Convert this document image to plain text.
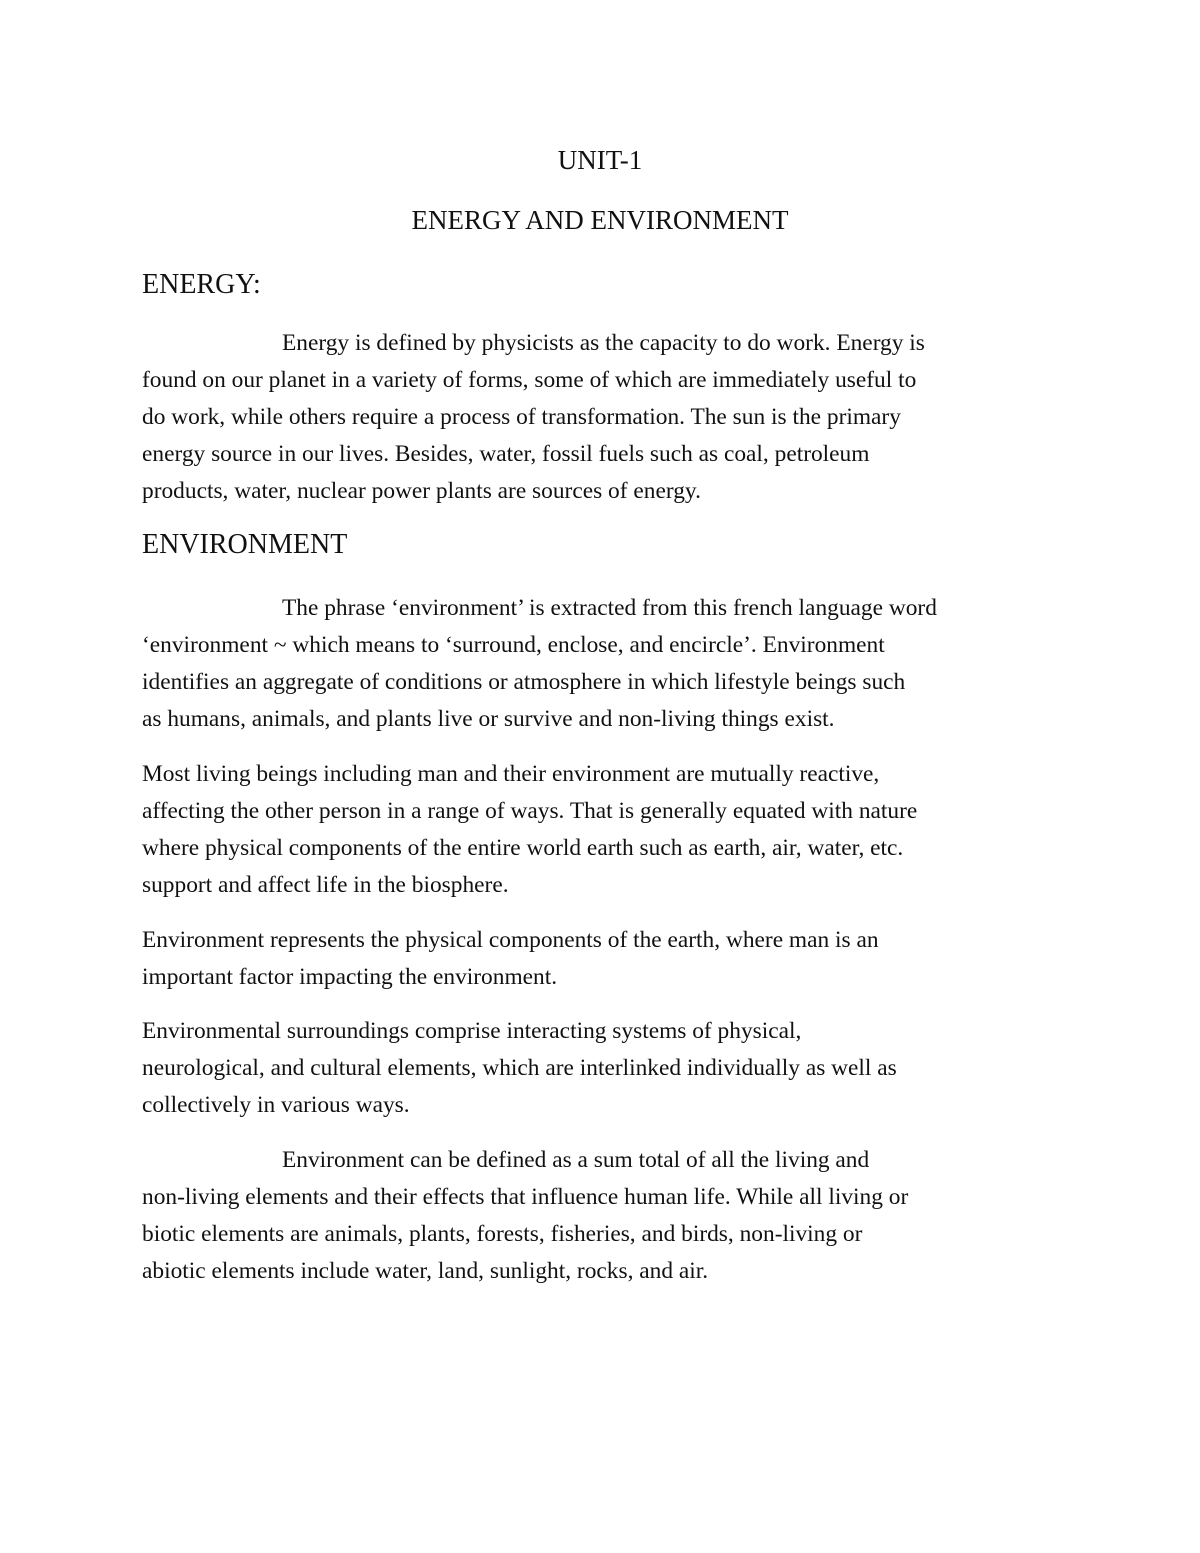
UNIT-1
ENERGY AND ENVIRONMENT
ENERGY:
Energy is defined by physicists as the capacity to do work. Energy is
found on our planet in a variety of forms, some of which are immediately useful to
do work, while others require a process of transformation. The sun is the primary
energy source in our lives. Besides, water, fossil fuels such as coal, petroleum
products, water, nuclear power plants are sources of energy.
ENVIRONMENT
The phrase ‘environment’ is extracted from this french language word
‘environment ~ which means to ‘surround, enclose, and encircle’. Environment
identifies an aggregate of conditions or atmosphere in which lifestyle beings such
as humans, animals, and plants live or survive and non-living things exist.
Most living beings including man and their environment are mutually reactive,
affecting the other person in a range of ways. That is generally equated with nature
where physical components of the entire world earth such as earth, air, water, etc.
support and affect life in the biosphere.
Environment represents the physical components of the earth, where man is an
important factor impacting the environment.
Environmental surroundings comprise interacting systems of physical,
neurological, and cultural elements, which are interlinked individually as well as
collectively in various ways.
Environment can be defined as a sum total of all the living and
non-living elements and their effects that influence human life. While all living or
biotic elements are animals, plants, forests, fisheries, and birds, non-living or
abiotic elements include water, land, sunlight, rocks, and air.
